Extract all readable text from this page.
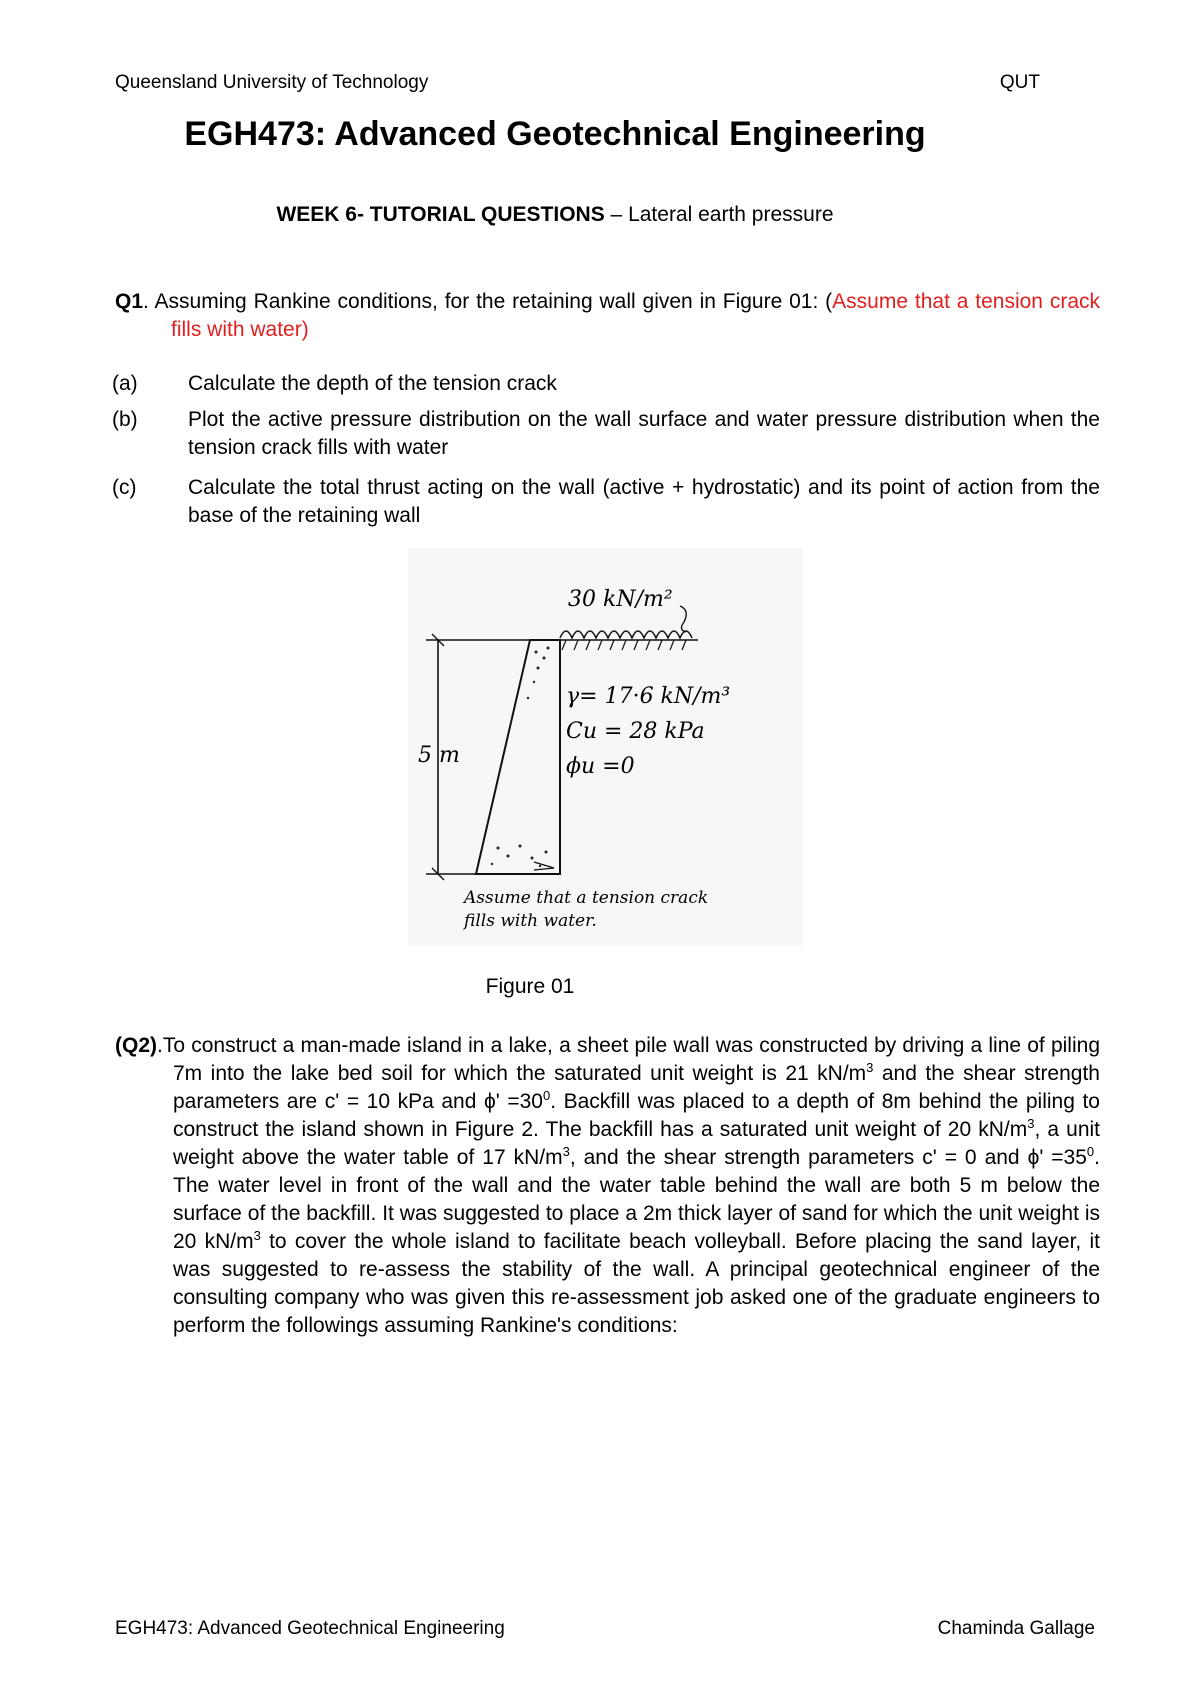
Queensland University of Technology	QUT
EGH473: Advanced Geotechnical Engineering
WEEK 6- TUTORIAL QUESTIONS – Lateral earth pressure
Q1. Assuming Rankine conditions, for the retaining wall given in Figure 01: (Assume that a tension crack fills with water)
(a) Calculate the depth of the tension crack
(b) Plot the active pressure distribution on the wall surface and water pressure distribution when the tension crack fills with water
(c) Calculate the total thrust acting on the wall (active + hydrostatic) and its point of action from the base of the retaining wall
5 m
30 kN/m²
γ= 17·6 kN/m³
Cu = 28 kPa
ϕu =0
Assume that a tension crack
fills with water.
Figure 01
(Q2).To construct a man-made island in a lake, a sheet pile wall was constructed by driving a line of piling 7m into the lake bed soil for which the saturated unit weight is 21 $kN/m^3$ and the shear strength parameters are c' = 10 kPa and $\phi' =30^0$. Backfill was placed to a depth of 8m behind the piling to construct the island shown in Figure 2. The backfill has a saturated unit weight of 20 $kN/m^3$, a unit weight above the water table of 17 $kN/m^3$, and the shear strength parameters c' = 0 and $\phi' =35^0$. The water level in front of the wall and the water table behind the wall are both 5 m below the surface of the backfill. It was suggested to place a 2m thick layer of sand for which the unit weight is 20 $kN/m^3$ to cover the whole island to facilitate beach volleyball. Before placing the sand layer, it was suggested to re-assess the stability of the wall. A principal geotechnical engineer of the consulting company who was given this re-assessment job asked one of the graduate engineers to perform the followings assuming Rankine's conditions:
EGH473: Advanced Geotechnical Engineering	Chaminda Gallage
